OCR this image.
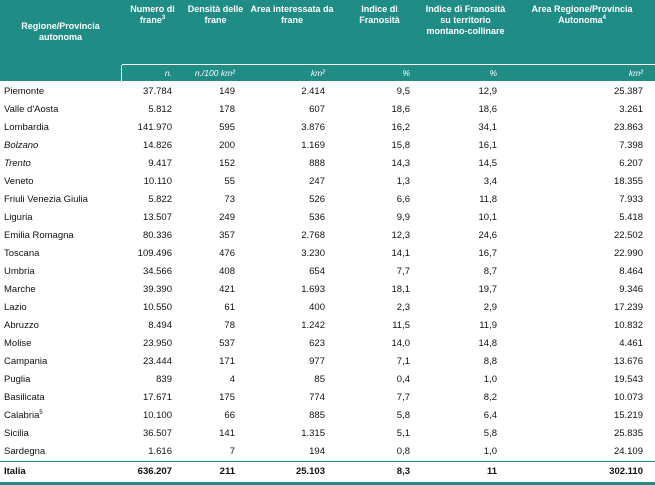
Regione/Provincia autonoma	Numero di frane$^3$	Densità delle frane	Area interessata da frane	Indice di Franosità	Indice di Franosità su territorio montano-collinare	Area Regione/Provincia Autonoma$^4$
	n.	n./100 km²	km²	%	%	km²
Piemonte	37.784	149	2.414	9,5	12,9	25.387
Valle d'Aosta	5.812	178	607	18,6	18,6	3.261
Lombardia	141.970	595	3.876	16,2	34,1	23.863
Bolzano	14.826	200	1.169	15,8	16,1	7.398
Trento	9.417	152	888	14,3	14,5	6.207
Veneto	10.110	55	247	1,3	3,4	18.355
Friuli Venezia Giulia	5.822	73	526	6,6	11,8	7.933
Liguria	13.507	249	536	9,9	10,1	5.418
Emilia Romagna	80.336	357	2.768	12,3	24,6	22.502
Toscana	109.496	476	3.230	14,1	16,7	22.990
Umbria	34.566	408	654	7,7	8,7	8.464
Marche	39.390	421	1.693	18,1	19,7	9.346
Lazio	10.550	61	400	2,3	2,9	17.239
Abruzzo	8.494	78	1.242	11,5	11,9	10.832
Molise	23.950	537	623	14,0	14,8	4.461
Campania	23.444	171	977	7,1	8,8	13.676
Puglia	839	4	85	0,4	1,0	19.543
Basilicata	17.671	175	774	7,7	8,2	10.073
Calabria$^5$	10.100	66	885	5,8	6,4	15.219
Sicilia	36.507	141	1.315	5,1	5,8	25.835
Sardegna	1.616	7	194	0,8	1,0	24.109
Italia	636.207	211	25.103	8,3	11	302.110
